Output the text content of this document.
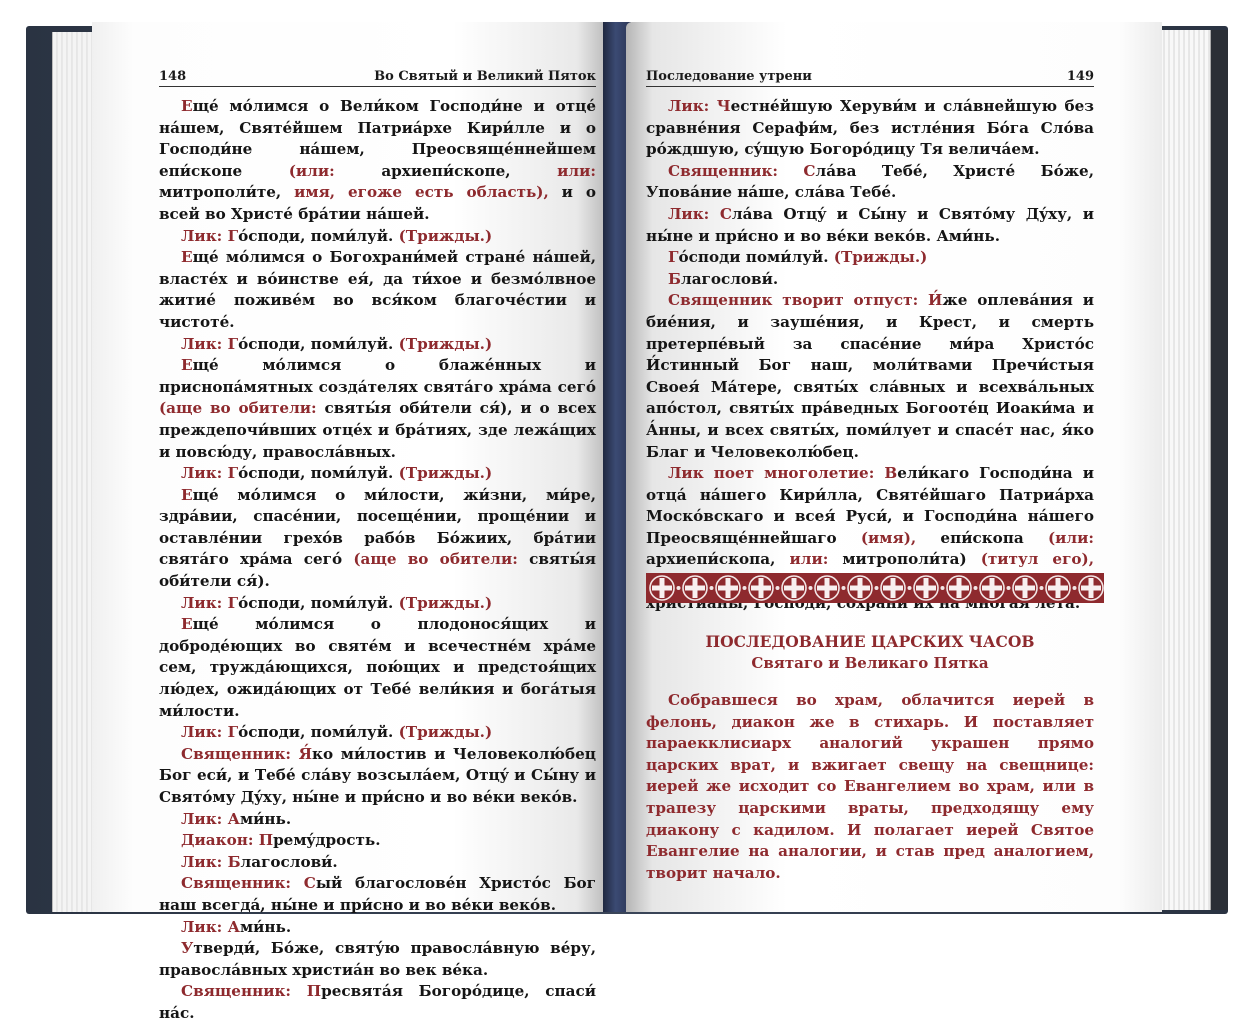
148	Во Святый и Великий Пяток

Ещé мóлимся о Вели́ком Господи́не и отцé нáшем, Святéйшем Патриáрхе Кири́лле и о Господи́не нáшем, Преосвящéннейшем епи́скопе (или: архиепи́скопе, или: митрополи́те, имя, егоже есть область), и о всей во Христé брáтии нáшей.

Лик: Гóсподи, поми́луй. (Трижды.)

Ещé мóлимся о Богохрани́мей странé нáшей, властéх и вóинстве ея́, да ти́хое и безмóлвное житиé поживéм во вся́ком благочéстии и чистотé.

Лик: Гóсподи, поми́луй. (Трижды.)

Ещé мóлимся о блажéнных и приснопáмятных создáтелях святáго хрáма сегó (аще во обители: святы́я оби́тели ся́), и о всех преждепочи́вших отцéх и брáтиях, зде лежáщих и повсю́ду, правослáвных.

Лик: Гóсподи, поми́луй. (Трижды.)

Ещé мóлимся о ми́лости, жи́зни, ми́ре, здрáвии, спасéнии, посещéнии, прощéнии и оставлéнии грехóв рабóв Бóжиих, брáтии святáго хрáма сегó (аще во обители: святы́я оби́тели ся́).

Лик: Гóсподи, поми́луй. (Трижды.)

Ещé мóлимся о плодонося́щих и добродéющих во святéм и всечестнéм хрáме сем, труждáющихся, пою́щих и предстоя́щих лю́дех, ожидáющих от Тебé вели́кия и богáтыя ми́лости.

Лик: Гóсподи, поми́луй. (Трижды.)

Священник: Я́ко ми́лостив и Человеколю́бец Бог еси́, и Тебé слáву возсылáем, Отцý и Сы́ну и Святóму Дýху, ны́не и при́сно и во вéки векóв.

Лик: Ами́нь.

Диакон: Премýдрость.

Лик: Благослови́.

Священник: Сый благословéн Христóс Бог наш всегдá, ны́не и при́сно и во вéки векóв.

Лик: Ами́нь.

Утверди́, Бóже, святýю правослáвную вéру, правослáвных христиáн во век вéка.

Священник: Пресвятáя Богорóдице, спаси́ нáс.

Последование утрени	149

Лик: Честнéйшую Херуви́м и слáвнейшую без сравнéния Серафи́м, без истлéния Бóга Слóва рóждшую, сýщую Богорóдицу Тя величáем.

Священник: Слáва Тебé, Христé Бóже, Уповáние нáше, слáва Тебé.

Лик: Слáва Отцý и Сы́ну и Святóму Дýху, и ны́не и при́сно и во вéки векóв. Ами́нь.

Гóсподи поми́луй. (Трижды.)

Благослови́.

Священник творит отпуст: И́же оплевáния и биéния, и заушéния, и Крест, и смерть претерпéвый за спасéние ми́ра Христóс И́стинный Бог наш, моли́твами Пречи́стыя Своея́ Мáтере, святы́х слáвных и всехвáльных апóстол, святы́х прáведных Богоотéц Иоаки́ма и А́нны, и всех святы́х, поми́лует и спасéт нас, я́ко Благ и Человеколю́бец.

Лик поет многолетие: Вели́каго Господи́на и отцá нáшего Кири́лла, Святéйшаго Патриáрха Москóвскаго и всея́ Руси́, и Господи́на нáшего Преосвящéннейшаго (имя), епи́скопа (или: архиепи́скопа, или: митрополи́та) (титул его),

ПОСЛЕДОВАНИЕ ЦАРСКИХ ЧАСОВ
Святаго и Великаго Пятка

Собравшеся во храм, облачится иерей в фелонь, диакон же в стихарь. И поставляет параекклисиарх аналогий украшен прямо царских врат, и вжигает свещу на свещнице: иерей же исходит со Евангелием во храм, или в трапезу царскими враты, предходящу ему диакону с кадилом. И полагает иерей Святое Евангелие на аналогии, и став пред аналогием, творит начало.
